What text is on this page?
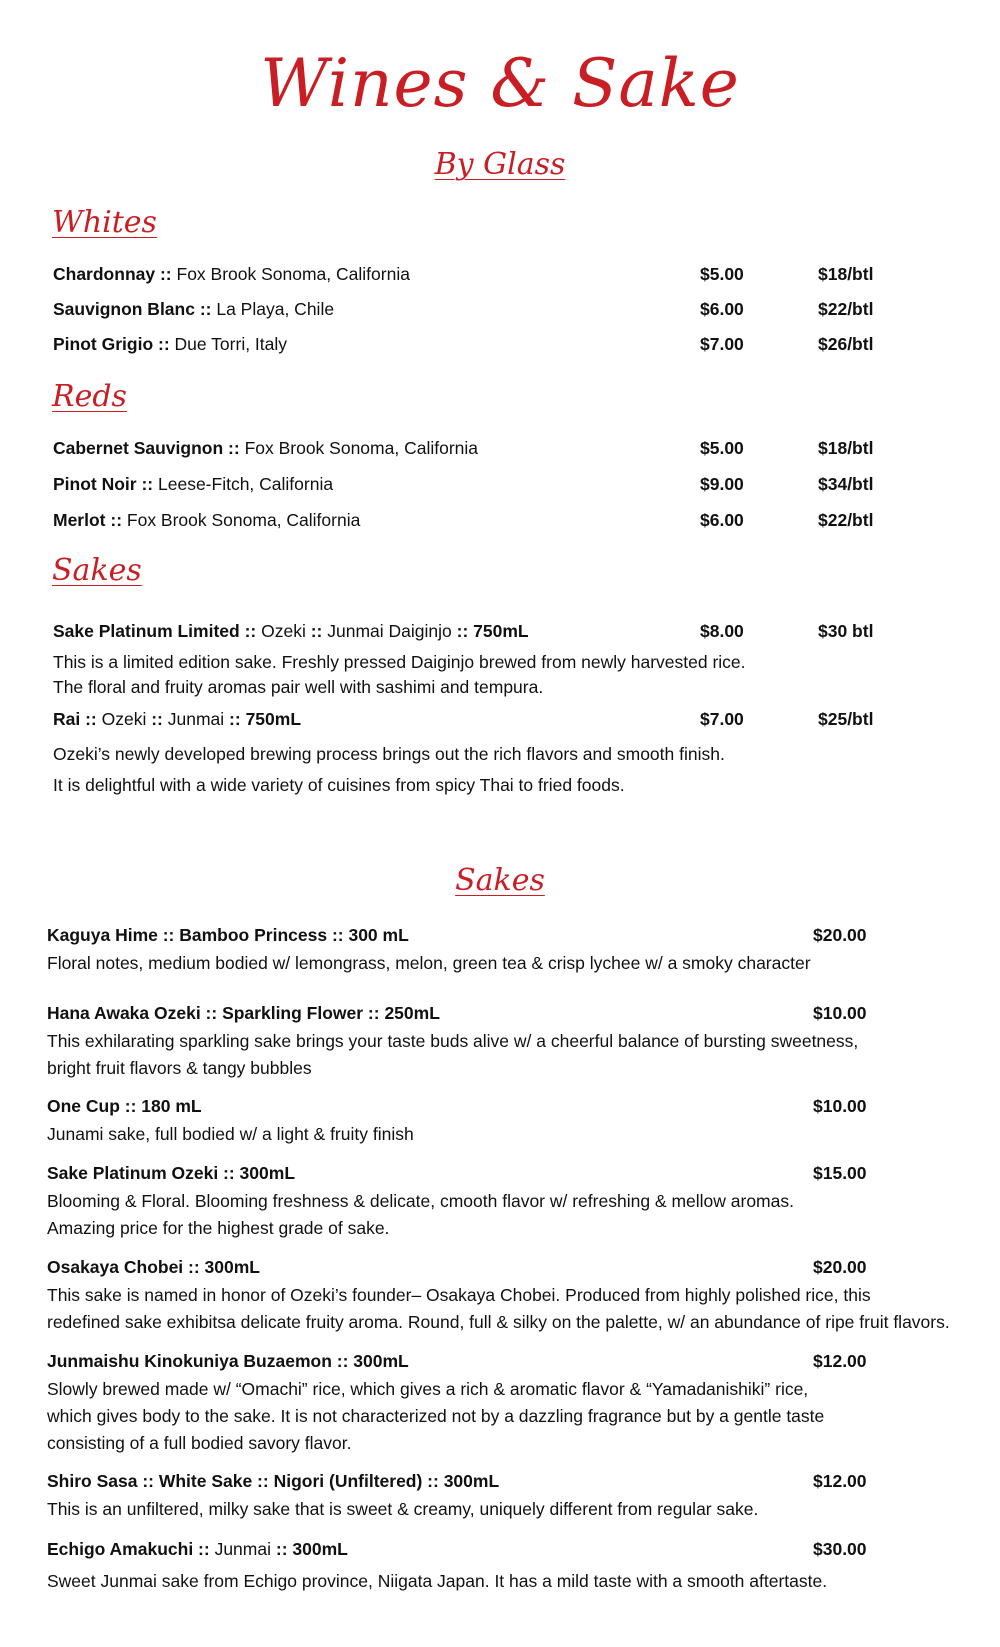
Wines & Sake
By Glass
Whites
Chardonnay :: Fox Brook Sonoma, California	$5.00	$18/btl
Sauvignon Blanc :: La Playa, Chile	$6.00	$22/btl
Pinot Grigio :: Due Torri, Italy	$7.00	$26/btl
Reds
Cabernet Sauvignon :: Fox Brook Sonoma, California	$5.00	$18/btl
Pinot Noir :: Leese-Fitch, California	$9.00	$34/btl
Merlot :: Fox Brook Sonoma, California	$6.00	$22/btl
Sakes
Sake Platinum Limited :: Ozeki :: Junmai Daiginjo :: 750mL	$8.00	$30 btl
This is a limited edition sake. Freshly pressed Daiginjo brewed from newly harvested rice.
The floral and fruity aromas pair well with sashimi and tempura.
Rai :: Ozeki :: Junmai :: 750mL	$7.00	$25/btl
Ozeki’s newly developed brewing process brings out the rich flavors and smooth finish.
It is delightful with a wide variety of cuisines from spicy Thai to fried foods.
Sakes
Kaguya Hime :: Bamboo Princess :: 300 mL	$20.00
Floral notes, medium bodied w/ lemongrass, melon, green tea & crisp lychee w/ a smoky character
Hana Awaka Ozeki :: Sparkling Flower :: 250mL	$10.00
This exhilarating sparkling sake brings your taste buds alive w/ a cheerful balance of bursting sweetness,
bright fruit flavors & tangy bubbles
One Cup :: 180 mL	$10.00
Junami sake, full bodied w/ a light & fruity finish
Sake Platinum Ozeki :: 300mL	$15.00
Blooming & Floral. Blooming freshness & delicate, cmooth flavor w/ refreshing & mellow aromas.
Amazing price for the highest grade of sake.
Osakaya Chobei :: 300mL	$20.00
This sake is named in honor of Ozeki’s founder– Osakaya Chobei. Produced from highly polished rice, this
redefined sake exhibitsa delicate fruity aroma. Round, full & silky on the palette, w/ an abundance of ripe fruit flavors.
Junmaishu Kinokuniya Buzaemon :: 300mL	$12.00
Slowly brewed made w/ “Omachi” rice, which gives a rich & aromatic flavor & “Yamadanishiki” rice,
which gives body to the sake. It is not characterized not by a dazzling fragrance but by a gentle taste
consisting of a full bodied savory flavor.
Shiro Sasa :: White Sake :: Nigori (Unfiltered) :: 300mL	$12.00
This is an unfiltered, milky sake that is sweet & creamy, uniquely different from regular sake.
Echigo Amakuchi :: Junmai :: 300mL	$30.00
Sweet Junmai sake from Echigo province, Niigata Japan. It has a mild taste with a smooth aftertaste.
